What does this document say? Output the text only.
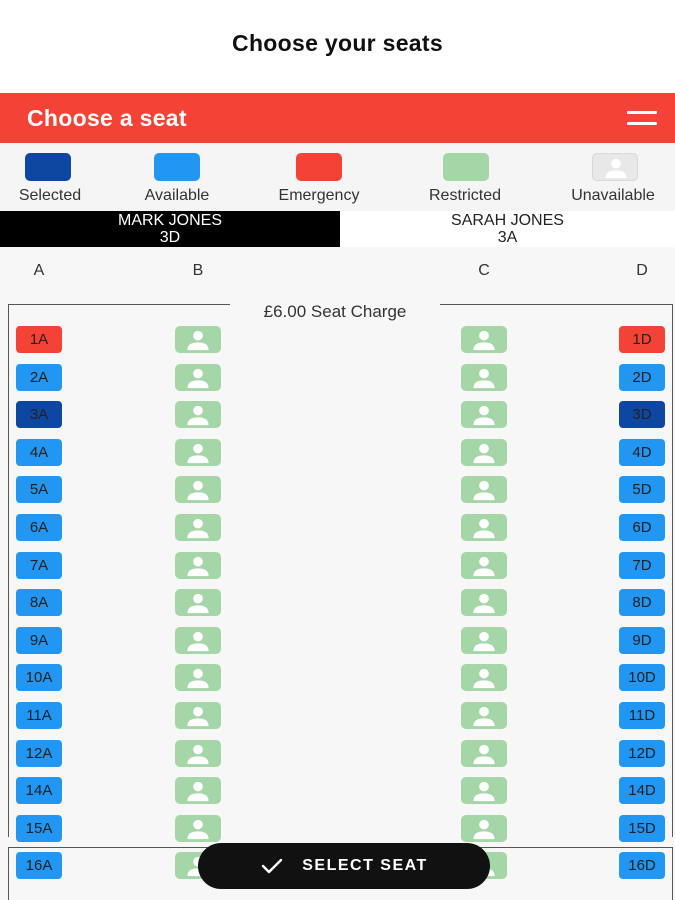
Choose your seats
Choose a seat
Selected	Available	Emergency	Restricted	Unavailable
MARK JONES
3D
SARAH JONES
3A
A	B	C	D
£6.00 Seat Charge
1A	1D
2A	2D
3A	3D
4A	4D
5A	5D
6A	6D
7A	7D
8A	8D
9A	9D
10A	10D
11A	11D
12A	12D
14A	14D
15A	15D
16A	16D
SELECT SEAT
